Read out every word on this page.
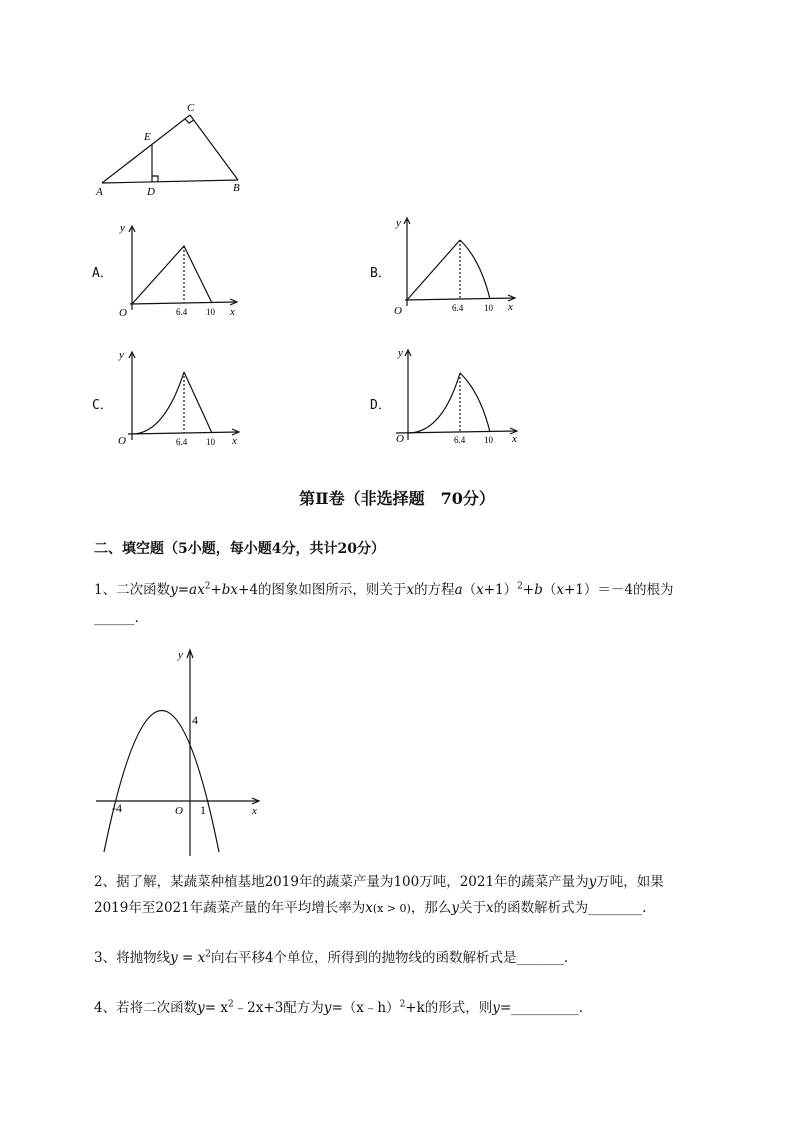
C
E
A	D	B
A．
y
x
O	6.4 10
B．
y
x
O	6.4 10
C．
y
x
O	6.4 10
D．
y
x
O	6.4 10
第Ⅱ卷（非选择题　70分）
二、填空题（5小题，每小题4分，共计20分）
1、二次函数$y=ax^2+bx+4$的图象如图所示，则关于x的方程$a(x+1)^2+b(x+1)=-4$的根为
______.
y
x
O
4
-4	1
2、据了解，某蔬菜种植基地2019年的蔬菜产量为100万吨，2021年的蔬菜产量为y万吨，如果
2019年至2021年蔬菜产量的年平均增长率为x(x > 0)，那么y关于x的函数解析式为________.
3、将抛物线$y = x^2$向右平移4个单位，所得到的抛物线的函数解析式是_______.
4、若将二次函数$y= x^2﹣2x+3$配方为y=（x﹣h）$^2$+k的形式，则y=__________.
